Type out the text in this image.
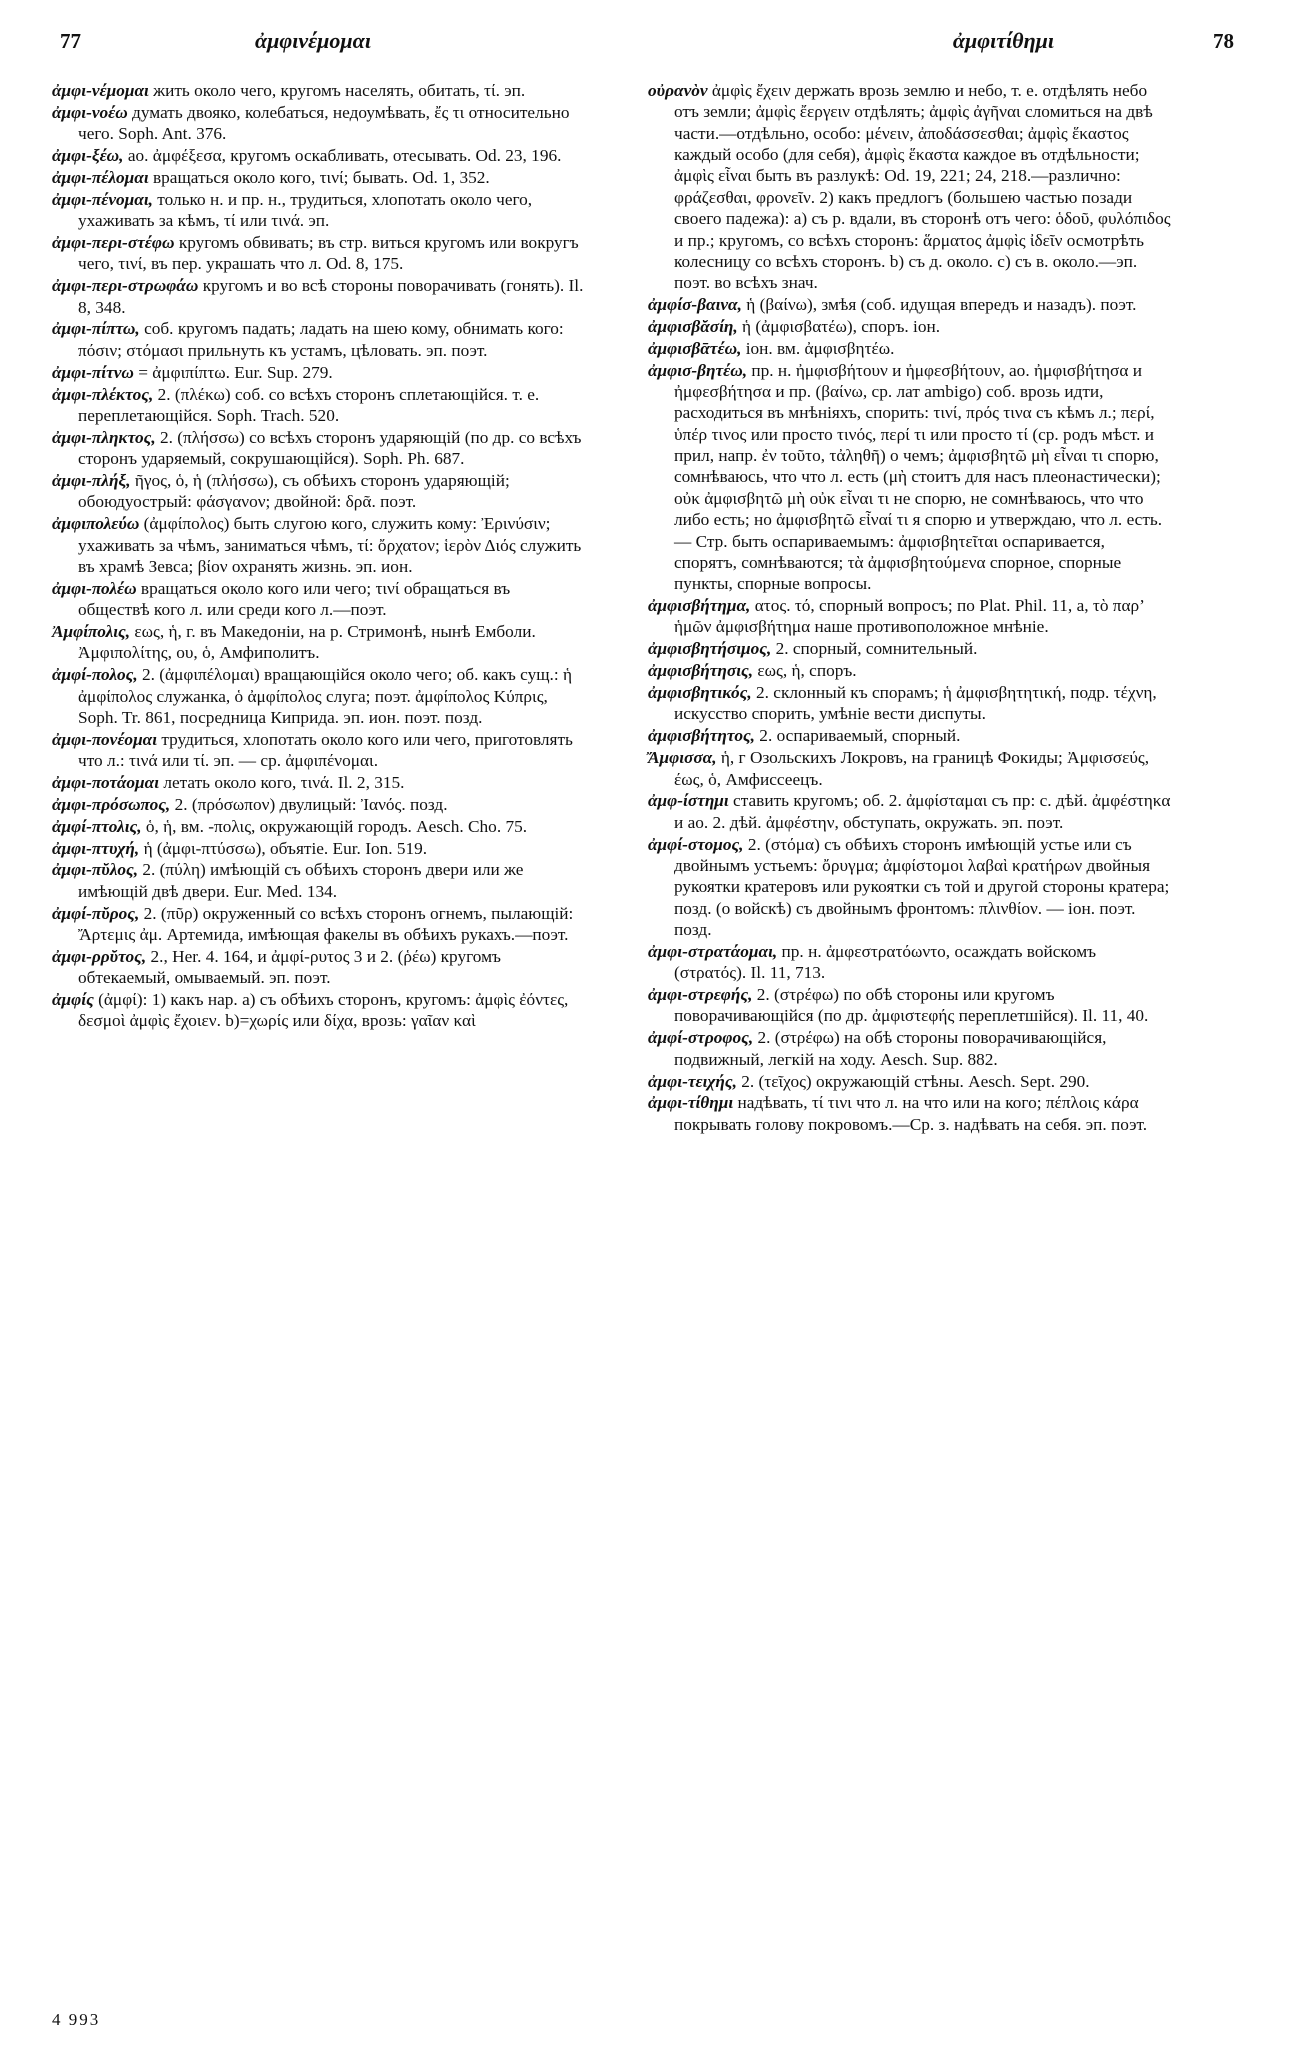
77	ἀμφινέμομαι	ἀμφιτίθημι	78
ἀμφι-νέμομαι жить около чего, кругомъ населять, обитать, τί. эп.
ἀμφι-νοέω думать двояко, колебаться, недоумѣвать, ἔς τι относительно чего. Soph. Ant. 376.
ἀμφι-ξέω, ao. ἀμφέξεσα, кругомъ оскабливать, отесывать. Od. 23, 196.
ἀμφι-πέλομαι вращаться около кого, τινί; бывать. Od. 1, 352.
ἀμφι-πένομαι, только н. и пр. н., трудиться, хлопотать около чего, ухаживать за кѣмъ, τί или τινά. эп.
ἀμφι-περι-στέφω кругомъ обвивать; въ стр. виться кругомъ или вокругъ чего, τινί, въ пер. украшать что л. Od. 8, 175.
ἀμφι-περι-στρωφάω кругомъ и во всѣ стороны поворачивать (гонять). Il. 8, 348.
ἀμφι-πίπτω, соб. кругомъ падать; ладать на шею кому, обнимать кого: πόσιν; στόμασι прильнуть къ устамъ, цѣловать. эп. поэт.
ἀμφι-πίτνω = ἀμφιπίπτω. Eur. Sup. 279.
ἀμφι-πλέκτος, 2. (πλέκω) соб. со всѣхъ сторонъ сплетающійся. т. е. переплетающійся. Soph. Trach. 520.
ἀμφι-πληκτος, 2. (πλήσσω) со всѣхъ сторонъ ударяющій (по др. со всѣхъ сторонъ ударяемый, сокрушающійся). Soph. Ph. 687.
ἀμφι-πλήξ, ῆγος, ὁ, ἡ (πλήσσω), съ обѣихъ сторонъ ударяющій; обоюдуострый: φάσγανον; двойной: δρᾶ. поэт.
ἀμφιπολεύω (ἀμφίπολος) быть слугою кого, служить кому: Ἐρινύσιν; ухаживать за чѣмъ, заниматься чѣмъ, τί: ὄρχατον; ἱερὸν Διός служить въ храмѣ Зевса; βίον охранять жизнь. эп. ион.
ἀμφι-πολέω вращаться около кого или чего; τινί обращаться въ обществѣ кого л. или среди кого л.—поэт.
Ἀμφίπολις, εως, ἡ, г. въ Македоніи, на р. Стримонѣ, нынѣ Емболи. Ἀμφιπολίτης, ου, ὁ, Амфиполитъ.
ἀμφί-πολος, 2. (ἀμφιπέλομαι) вращающійся около чего; об. какъ сущ.: ἡ ἀμφίπολος служанка, ὁ ἀμφίπολος слуга; поэт. ἀμφίπολος Κύπρις, Soph. Tr. 861, посредница Киприда. эп. ион. поэт. позд.
ἀμφι-πονέομαι трудиться, хлопотать около кого или чего, приготовлять что л.: τινά или τί. эп. — ср. ἀμφιπένομαι.
ἀμφι-ποτάομαι летать около кого, τινά. Il. 2, 315.
ἀμφι-πρόσωπος, 2. (πρόσωπον) двулицый: Ἰανός. позд.
ἀμφί-πτολις, ὁ, ἡ, вм. -πολις, окружающій городъ. Aesch. Cho. 75.
ἀμφι-πτυχή, ἡ (ἀμφι-πτύσσω), объятіе. Eur. Ion. 519.
ἀμφι-πῠλος, 2. (πύλη) имѣющій съ обѣихъ сторонъ двери или же имѣющій двѣ двери. Eur. Med. 134.
ἀμφί-πῠρος, 2. (πῦρ) окруженный со всѣхъ сторонъ огнемъ, пылающій: Ἄρτεμις ἀμ. Артемида, имѣющая факелы въ обѣихъ рукахъ.—поэт.
ἀμφι-ρρῠτος, 2., Her. 4. 164, и ἀμφί-ρυτος 3 и 2. (ῥέω) кругомъ обтекаемый, омываемый. эп. поэт.
ἀμφίς (ἀμφί): 1) какъ нар. а) съ обѣихъ сторонъ, кругомъ: ἀμφὶς ἐόντες, δεσμοὶ ἀμφὶς ἔχοιεν. b)=χωρίς или δίχα, врозь: γαῖαν καὶ
οὐρανὸν ἀμφὶς ἔχειν держать врозь землю и небо, т. е. отдѣлять небо отъ земли; ἀμφὶς ἔεργειν отдѣлять; ἀμφὶς ἀγῆναι сломиться на двѣ части.—отдѣльно, особо: μένειν, ἀποδάσσεσθαι; ἀμφὶς ἕκαστος каждый особо (для себя), ἀμφὶς ἕκαστα каждое въ отдѣльности; ἀμφὶς εἶναι быть въ разлукѣ: Od. 19, 221; 24, 218.—различно: φράζεσθαι, φρονεῖν. 2) какъ предлогъ (большею частью позади своего падежа): а) съ р. вдали, въ сторонѣ отъ чего: ὁδοῦ, φυλόπιδος и пр.; кругомъ, со всѣхъ сторонъ: ἅρματος ἀμφὶς ἰδεῖν осмотрѣть колесницу со всѣхъ сторонъ. b) съ д. около. с) съ в. около.—эп. поэт. во всѣхъ знач.
ἀμφίσ-βαινα, ἡ (βαίνω), змѣя (соб. идущая впередъ и назадъ). поэт.
ἀμφισβᾰσίη, ἡ (ἀμφισβατέω), споръ. іон.
ἀμφισβᾱτέω, іон. вм. ἀμφισβητέω.
ἀμφισ-βητέω, пр. н. ἠμφισβήτουν и ἠμφεσβήτουν, ао. ἠμφισβήτησα и ἠμφεσβήτησα и пр. (βαίνω, ср. лат ambigo) соб. врозь идти, расходиться въ мнѣніяхъ, спорить: τινί, πρός τινα съ кѣмъ л.; περί, ὑπέρ τινος или просто τινός, περί τι или просто τί (ср. родъ мѣст. и прил, напр. ἐν τοῦτο, τἀληθῆ) о чемъ; ἀμφισβητῶ μὴ εἶναι τι спорю, сомнѣваюсь, что что л. есть (μὴ стоитъ для насъ плеонастически); οὐκ ἀμφισβητῶ μὴ οὐκ εἶναι τι не спорю, не сомнѣваюсь, что что либо есть; но ἀμφισβητῶ εἶναί τι я спорю и утверждаю, что л. есть. — Стр. быть оспариваемымъ: ἀμφισβητεῖται оспаривается, спорятъ, сомнѣваются; τὰ ἀμφισβητούμενα спорное, спорные пункты, спорные вопросы.
ἀμφισβήτημα, ατος. τό, спорный вопросъ; по Plat. Phil. 11, а, τὸ παρ’ ἡμῶν ἀμφισβήτημα наше противоположное мнѣніе.
ἀμφισβητήσιμος, 2. спорный, сомнительный.
ἀμφισβήτησις, εως, ἡ, споръ.
ἀμφισβητικός, 2. склонный къ спорамъ; ἡ ἀμφισβητητική, подр. τέχνη, искусство спорить, умѣніе вести диспуты.
ἀμφισβήτητος, 2. оспариваемый, спорный.
Ἄμφισσα, ἡ, г Озольскихъ Локровъ, на границѣ Фокиды; Ἀμφισσεύς, έως, ὁ, Амфиссеецъ.
ἀμφ-ίστημι ставить кругомъ; об. 2. ἀμφίσταμαι съ пр: с. дѣй. ἀμφέστηκα и ао. 2. дѣй. ἀμφέστην, обступать, окружать. эп. поэт.
ἀμφί-στομος, 2. (στόμα) съ обѣихъ сторонъ имѣющій устье или съ двойнымъ устьемъ: ὄρυγμα; ἀμφίστομοι λαβαὶ κρατήρων двойныя рукоятки кратеровъ или рукоятки съ той и другой стороны кратера; позд. (о войскѣ) съ двойнымъ фронтомъ: πλινθίον. — іон. поэт. позд.
ἀμφι-στρατάομαι, пр. н. ἀμφεστρατόωντο, осаждать войскомъ (στρατός). Il. 11, 713.
ἀμφι-στρεφής, 2. (στρέφω) по обѣ стороны или кругомъ поворачивающійся (по др. ἀμφιστεφής переплетшійся). Il. 11, 40.
ἀμφί-στροφος, 2. (στρέφω) на обѣ стороны поворачивающійся, подвижный, легкій на ходу. Aesch. Sup. 882.
ἀμφι-τειχής, 2. (τεῖχος) окружающій стѣны. Aesch. Sept. 290.
ἀμφι-τίθημι надѣвать, τί τινι что л. на что или на кого; πέπλοις κάρα покрывать голову покровомъ.—Ср. з. надѣвать на себя. эп. поэт.
4 993
